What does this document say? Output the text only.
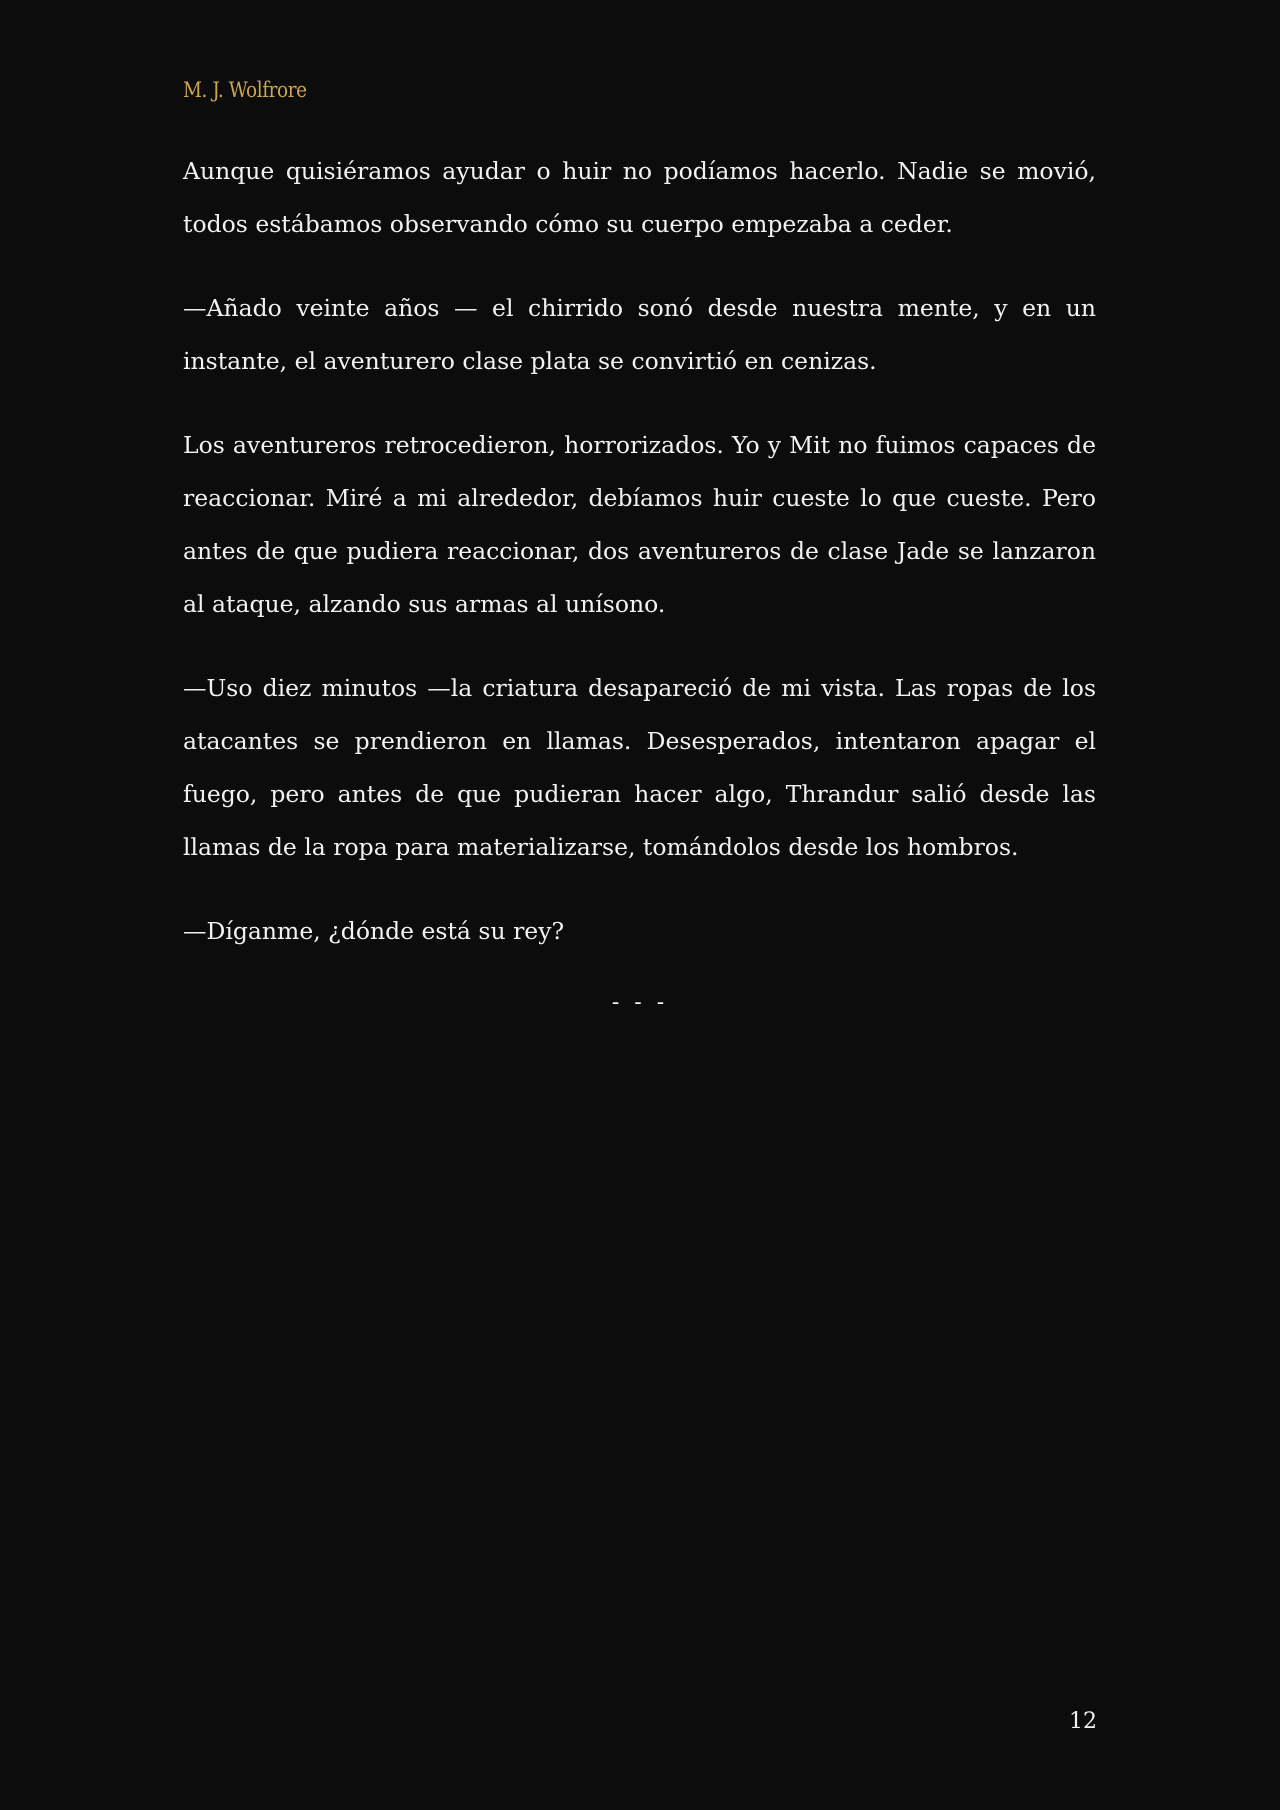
M. J. Wolfrore

Aunque quisiéramos ayudar o huir no podíamos hacerlo. Nadie se movió, todos estábamos observando cómo su cuerpo empezaba a ceder.

—Añado veinte años — el chirrido sonó desde nuestra mente, y en un instante, el aventurero clase plata se convirtió en cenizas.

Los aventureros retrocedieron, horrorizados. Yo y Mit no fuimos capaces de reaccionar. Miré a mi alrededor, debíamos huir cueste lo que cueste. Pero antes de que pudiera reaccionar, dos aventureros de clase Jade se lanzaron al ataque, alzando sus armas al unísono.

—Uso diez minutos —la criatura desapareció de mi vista. Las ropas de los atacantes se prendieron en llamas. Desesperados, intentaron apagar el fuego, pero antes de que pudieran hacer algo, Thrandur salió desde las llamas de la ropa para materializarse, tomándolos desde los hombros.

—Díganme, ¿dónde está su rey?

- - -
12
